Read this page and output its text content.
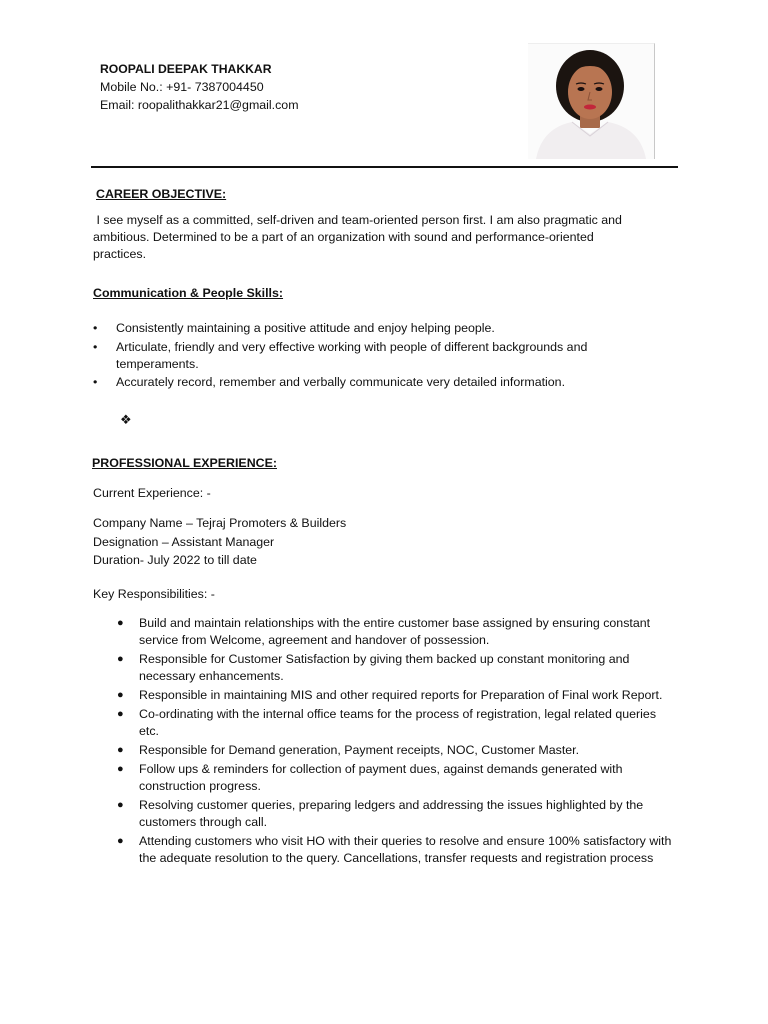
ROOPALI DEEPAK THAKKAR
Mobile No.: +91- 7387004450
Email: roopalithakkar21@gmail.com
CAREER OBJECTIVE:
I see myself as a committed, self-driven and team-oriented person first. I am also pragmatic and
ambitious. Determined to be a part of an organization with sound and performance-oriented
practices.
Communication & People Skills:
• Consistently maintaining a positive attitude and enjoy helping people.
• Articulate, friendly and very effective working with people of different backgrounds and temperaments.
• Accurately record, remember and verbally communicate very detailed information.
❖
PROFESSIONAL EXPERIENCE:
Current Experience: -
Company Name – Tejraj Promoters & Builders
Designation – Assistant Manager
Duration- July 2022 to till date
Key Responsibilities: -
● Build and maintain relationships with the entire customer base assigned by ensuring constant service from Welcome, agreement and handover of possession.
● Responsible for Customer Satisfaction by giving them backed up constant monitoring and necessary enhancements.
● Responsible in maintaining MIS and other required reports for Preparation of Final work Report.
● Co-ordinating with the internal office teams for the process of registration, legal related queries etc.
● Responsible for Demand generation, Payment receipts, NOC, Customer Master.
● Follow ups & reminders for collection of payment dues, against demands generated with construction progress.
● Resolving customer queries, preparing ledgers and addressing the issues highlighted by the customers through call.
● Attending customers who visit HO with their queries to resolve and ensure 100% satisfactory with the adequate resolution to the query. Cancellations, transfer requests and registration process
